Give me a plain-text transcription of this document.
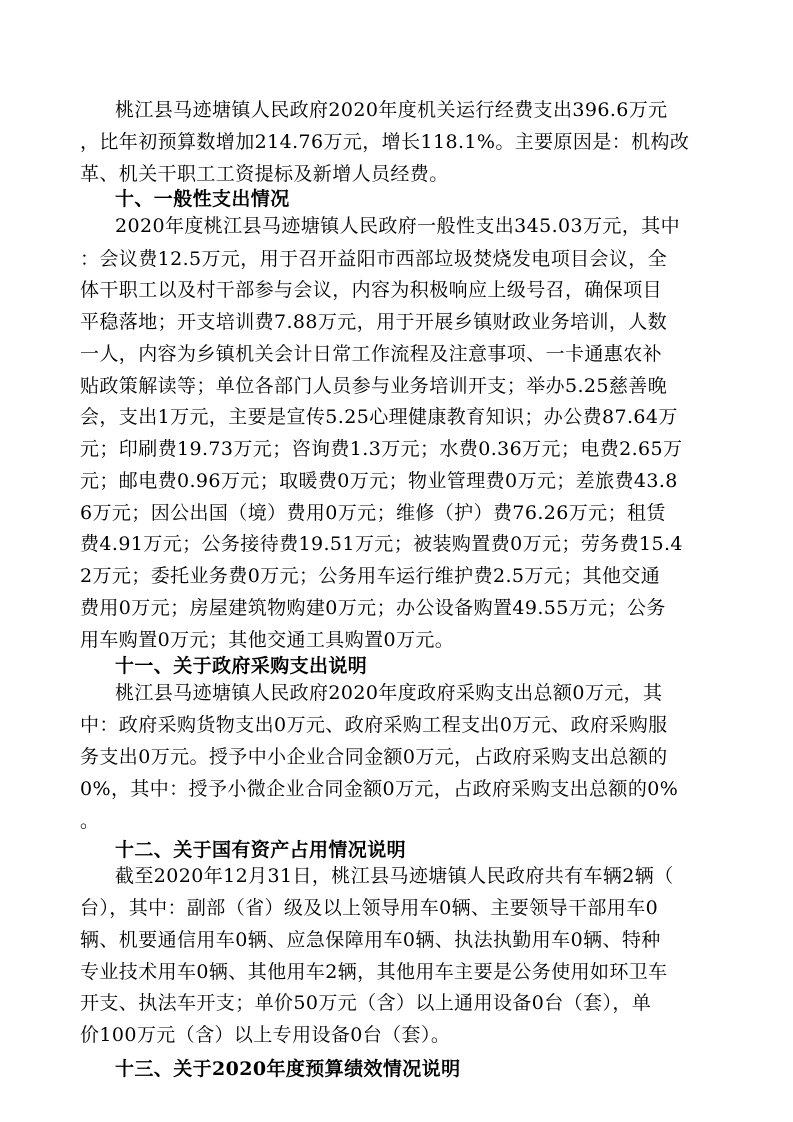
桃江县马迹塘镇人民政府2020年度机关运行经费支出396.6万元
，比年初预算数增加214.76万元，增长118.1%。主要原因是：机构改
革、机关干职工工资提标及新增人员经费。
十、一般性支出情况
2020年度桃江县马迹塘镇人民政府一般性支出345.03万元，其中
：会议费12.5万元，用于召开益阳市西部垃圾焚烧发电项目会议，全
体干职工以及村干部参与会议，内容为积极响应上级号召，确保项目
平稳落地；开支培训费7.88万元，用于开展乡镇财政业务培训，人数
一人，内容为乡镇机关会计日常工作流程及注意事项、一卡通惠农补
贴政策解读等；单位各部门人员参与业务培训开支；举办5.25慈善晚
会，支出1万元，主要是宣传5.25心理健康教育知识；办公费87.64万
元；印刷费19.73万元；咨询费1.3万元；水费0.36万元；电费2.65万
元；邮电费0.96万元；取暖费0万元；物业管理费0万元；差旅费43.8
6万元；因公出国（境）费用0万元；维修（护）费76.26万元；租赁
费4.91万元；公务接待费19.51万元；被装购置费0万元；劳务费15.4
2万元；委托业务费0万元；公务用车运行维护费2.5万元；其他交通
费用0万元；房屋建筑物购建0万元；办公设备购置49.55万元；公务
用车购置0万元；其他交通工具购置0万元。
十一、关于政府采购支出说明
桃江县马迹塘镇人民政府2020年度政府采购支出总额0万元，其
中：政府采购货物支出0万元、政府采购工程支出0万元、政府采购服
务支出0万元。授予中小企业合同金额0万元，占政府采购支出总额的
0%，其中：授予小微企业合同金额0万元，占政府采购支出总额的0%
。
十二、关于国有资产占用情况说明
截至2020年12月31日，桃江县马迹塘镇人民政府共有车辆2辆（
台），其中：副部（省）级及以上领导用车0辆、主要领导干部用车0
辆、机要通信用车0辆、应急保障用车0辆、执法执勤用车0辆、特种
专业技术用车0辆、其他用车2辆，其他用车主要是公务使用如环卫车
开支、执法车开支；单价50万元（含）以上通用设备0台（套），单
价100万元（含）以上专用设备0台（套）。
十三、关于2020年度预算绩效情况说明
